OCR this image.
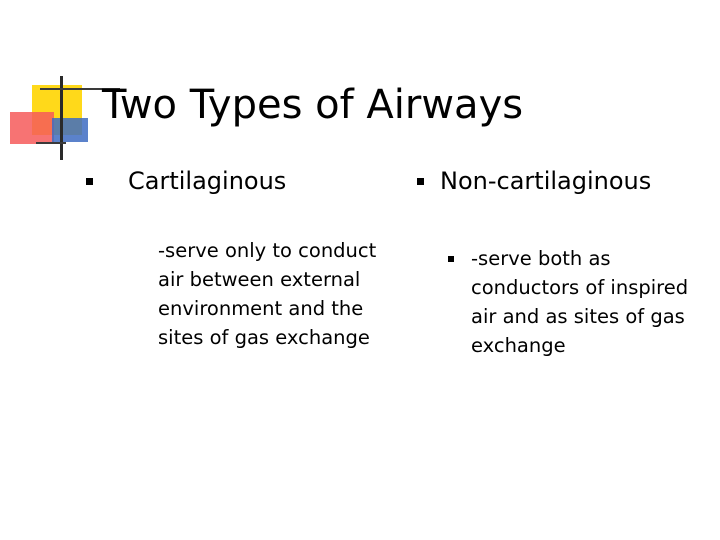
Two Types of Airways
Cartilaginous
-serve only to conduct air between external environment and the sites of gas exchange
Non-cartilaginous
-serve both as conductors of inspired air and as sites of gas exchange
